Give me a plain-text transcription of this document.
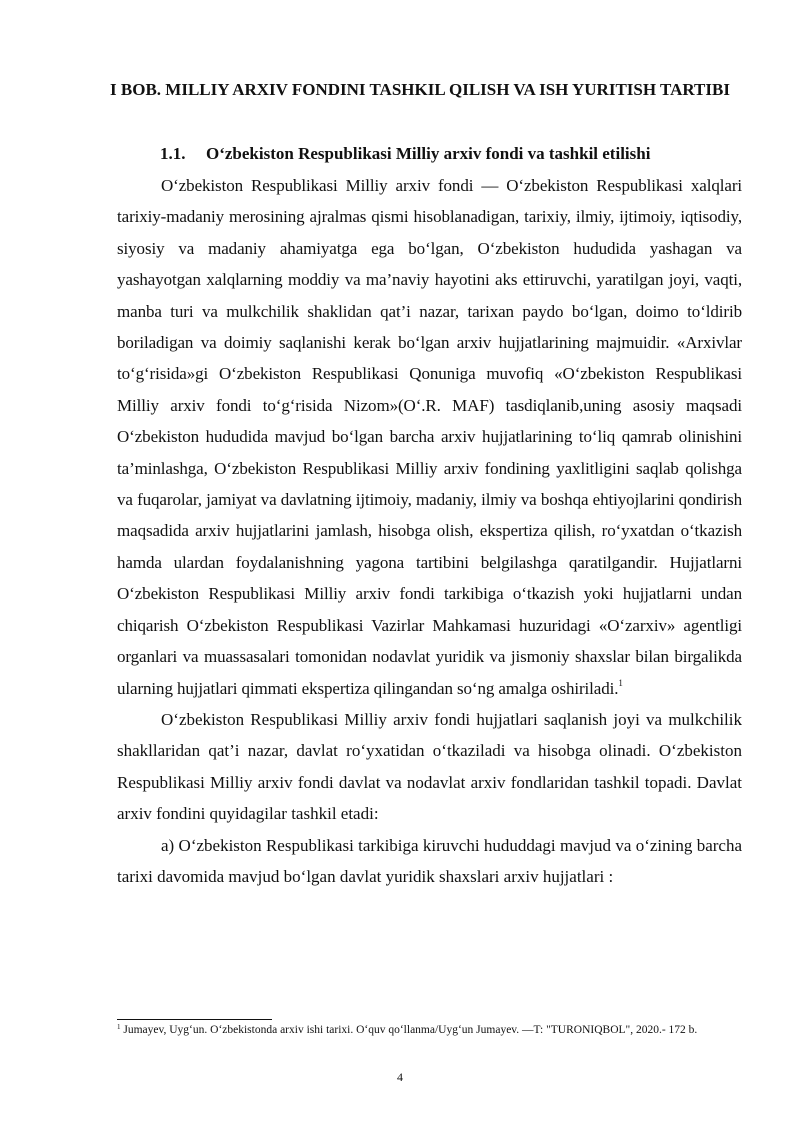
I BOB. MILLIY ARXIV FONDINI TASHKIL QILISH VA ISH YURITISH TARTIBI
1.1. O‘zbekiston Respublikasi Milliy arxiv fondi va tashkil etilishi

O‘zbekiston Respublikasi Milliy arxiv fondi — O‘zbekiston Respublikasi xalqlari tarixiy-madaniy merosining ajralmas qismi hisoblanadigan, tarixiy, ilmiy, ijtimoiy, iqtisodiy, siyosiy va madaniy ahamiyatga ega bo‘lgan, O‘zbekiston hududida yashagan va yashayotgan xalqlarning moddiy va ma’naviy hayotini aks ettiruvchi, yaratilgan joyi, vaqti, manba turi va mulkchilik shaklidan qat’i nazar, tarixan paydo bo‘lgan, doimo to‘ldirib boriladigan va doimiy saqlanishi kerak bo‘lgan arxiv hujjatlarining majmuidir. «Arxivlar to‘g‘risida»gi O‘zbekiston Respublikasi Qonuniga muvofiq «O‘zbekiston Respublikasi Milliy arxiv fondi to‘g‘risida Nizom»(O‘.R. MAF) tasdiqlanib,uning asosiy maqsadi O‘zbekiston hududida mavjud bo‘lgan barcha arxiv hujjatlarining to‘liq qamrab olinishini ta’minlashga, O‘zbekiston Respublikasi Milliy arxiv fondining yaxlitligini saqlab qolishga va fuqarolar, jamiyat va davlatning ijtimoiy, madaniy, ilmiy va boshqa ehtiyojlarini qondirish maqsadida arxiv hujjatlarini jamlash, hisobga olish, ekspertiza qilish, ro‘yxatdan o‘tkazish hamda ulardan foydalanishning yagona tartibini belgilashga qaratilgandir. Hujjatlarni O‘zbekiston Respublikasi Milliy arxiv fondi tarkibiga o‘tkazish yoki hujjatlarni undan chiqarish O‘zbekiston Respublikasi Vazirlar Mahkamasi huzuridagi «O‘zarxiv» agentligi organlari va muassasalari tomonidan nodavlat yuridik va jismoniy shaxslar bilan birgalikda ularning hujjatlari qimmati ekspertiza qilingandan so‘ng amalga oshiriladi.$^1$

O‘zbekiston Respublikasi Milliy arxiv fondi hujjatlari saqlanish joyi va mulkchilik shakllaridan qat’i nazar, davlat ro‘yxatidan o‘tkaziladi va hisobga olinadi. O‘zbekiston Respublikasi Milliy arxiv fondi davlat va nodavlat arxiv fondlaridan tashkil topadi. Davlat arxiv fondini quyidagilar tashkil etadi:

a) O‘zbekiston Respublikasi tarkibiga kiruvchi hududdagi mavjud va o‘zining barcha tarixi davomida mavjud bo‘lgan davlat yuridik shaxslari arxiv hujjatlari :

$^1$ Jumayev, Uyg‘un. O‘zbekistonda arxiv ishi tarixi. O‘quv qo‘llanma/Uyg‘un Jumayev. —T: "TURONIQBOL", 2020.- 172 b.

4
